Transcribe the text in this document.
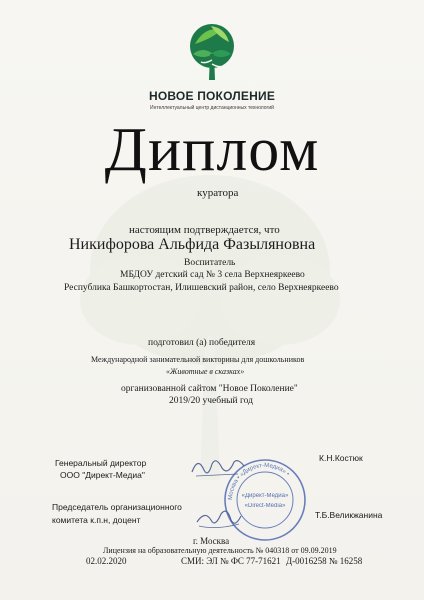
НОВОЕ ПОКОЛЕНИЕ
Интеллектуальный центр дистанционных технологий
Диплом
куратора
настоящим подтверждается, что
Никифорова Альфида Фазыляновна
Воспитатель
МБДОУ детский сад № 3 села Верхнеяркеево
Республика Башкортостан, Илишевский район, село Верхнеяркеево
подготовил (а) победителя
Международной занимательной викторины для дошкольников
«Животные в сказках»
организованной сайтом "Новое Поколение"
2019/20 учебный год
Генеральный директор
ООО "Директ-Медиа"
Председатель организационного
комитета к.п.н, доцент
К.Н.Костюк
Т.Б.Великжанина
Москва • «Директ-Медиа» •
«Директ-Медиа»
«Direct-Media»
г. Москва
Лицензия на образовательную деятельность № 040318 от 09.09.2019
02.02.2020	СМИ: ЭЛ № ФС 77-71621 Д-0016258 № 16258
